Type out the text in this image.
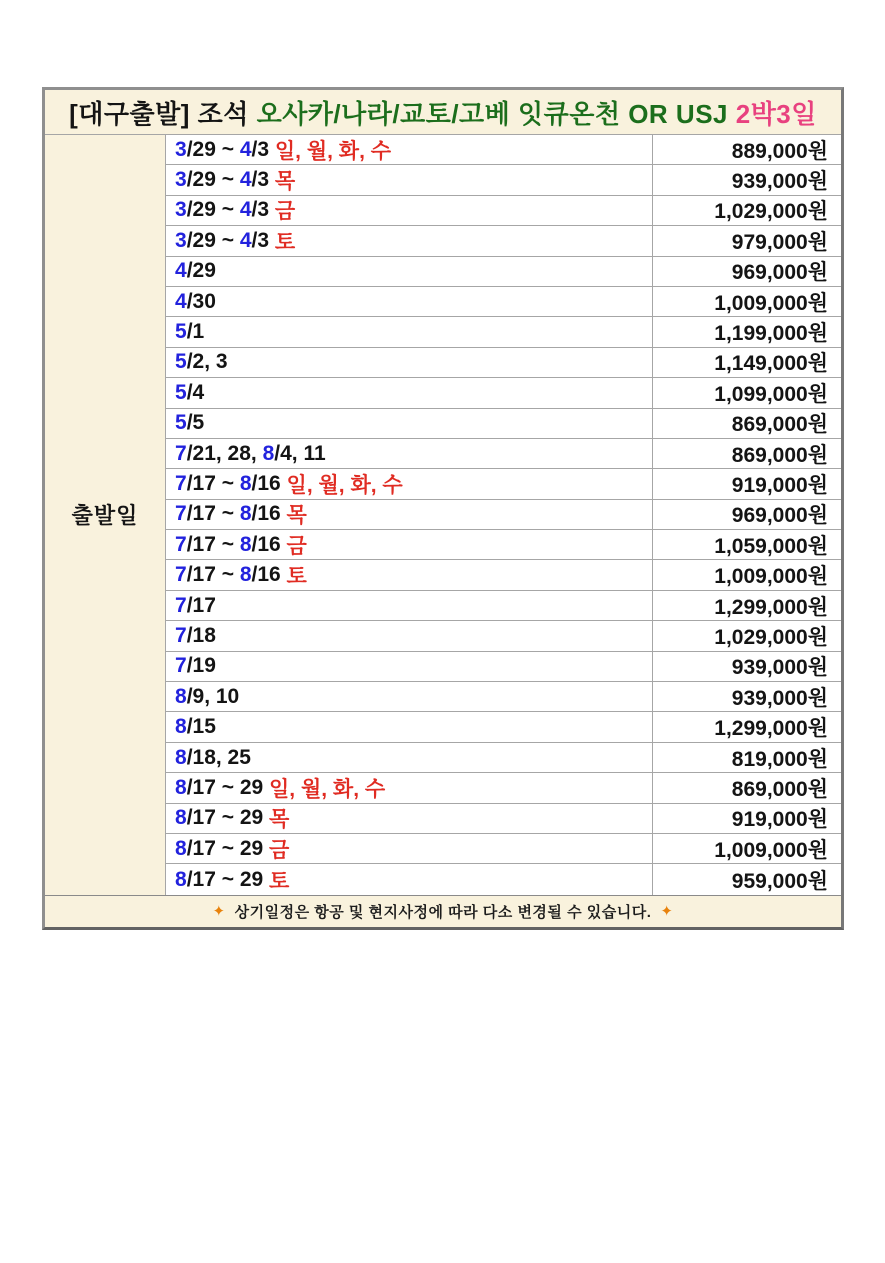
[대구출발] 조석 오사카/나라/교토/고베 잇큐온천 OR USJ 2박3일
출발일
3 /29 ~ 4 /3 일, 월, 화, 수	889,000원
3 /29 ~ 4 /3 목	939,000원
3 /29 ~ 4 /3 금	1,029,000원
3 /29 ~ 4 /3 토	979,000원
4 /29	969,000원
4 /30	1,009,000원
5 /1	1,199,000원
5 /2, 3	1,149,000원
5 /4	1,099,000원
5 /5	869,000원
7 /21, 28, 8 /4, 11	869,000원
7 /17 ~ 8 /16 일, 월, 화, 수	919,000원
7 /17 ~ 8 /16 목	969,000원
7 /17 ~ 8 /16 금	1,059,000원
7 /17 ~ 8 /16 토	1,009,000원
7 /17	1,299,000원
7 /18	1,029,000원
7 /19	939,000원
8 /9, 10	939,000원
8 /15	1,299,000원
8 /18, 25	819,000원
8 /17 ~ 29 일, 월, 화, 수	869,000원
8 /17 ~ 29 목	919,000원
8 /17 ~ 29 금	1,009,000원
8 /17 ~ 29 토	959,000원
✦ 상기일정은 항공 및 현지사정에 따라 다소 변경될 수 있습니다. ✦
